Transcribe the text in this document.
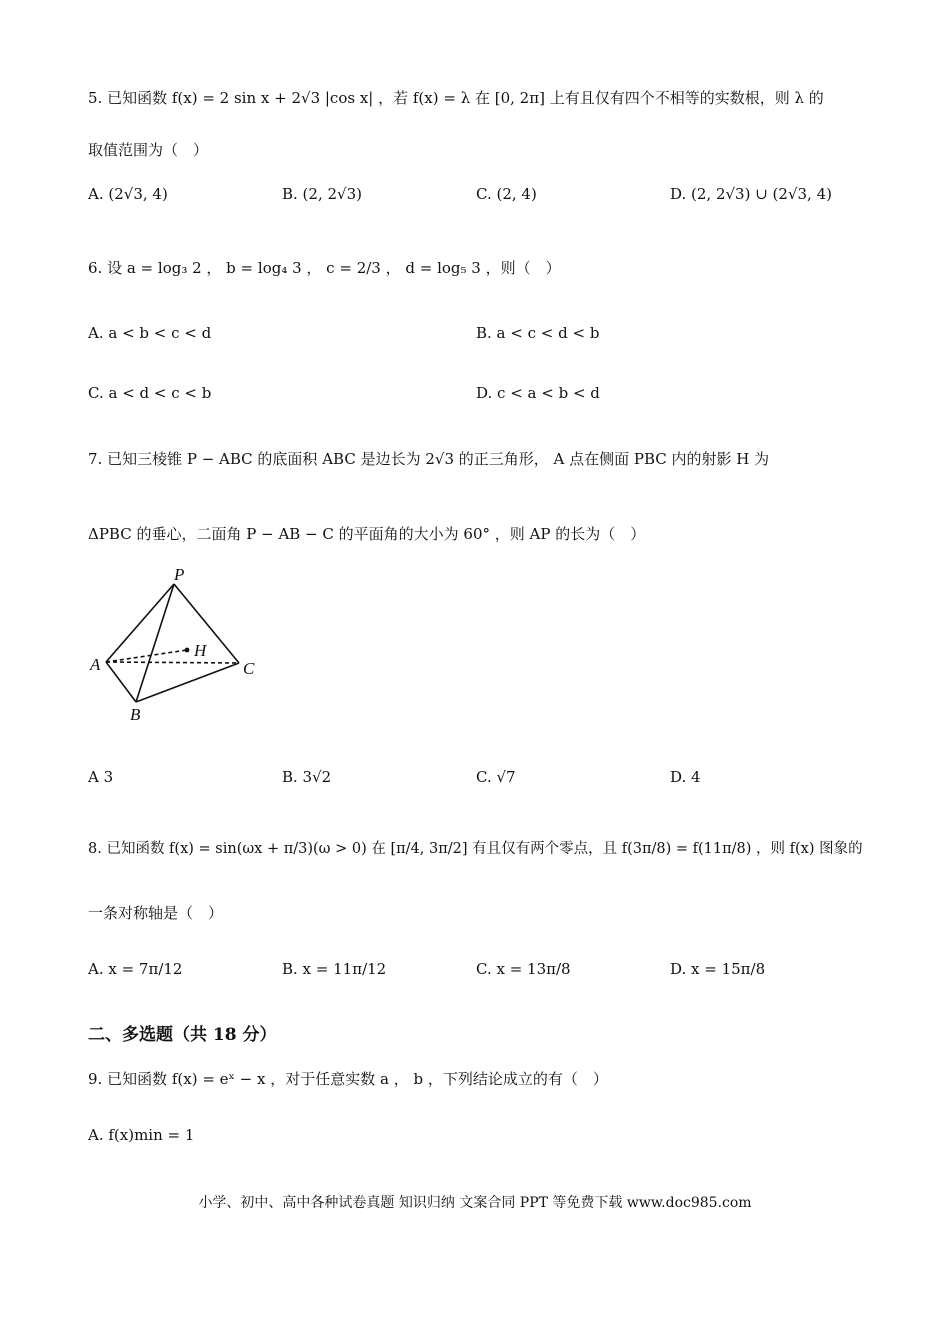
5. 已知函数 f(x) = 2 sin x + 2√3 |cos x| ，若 f(x) = λ 在 [0, 2π] 上有且仅有四个不相等的实数根，则 λ 的
取值范围为（　）
A. (2√3, 4)	B. (2, 2√3)	C. (2, 4)	D. (2, 2√3) ∪ (2√3, 4)
6. 设 a = log₃ 2 ， b = log₄ 3 ， c = 2/3 ， d = log₅ 3 ，则（　）
A. a < b < c < d	B. a < c < d < b
C. a < d < c < b	D. c < a < b < d
7. 已知三棱锥 P − ABC 的底面积 ABC 是边长为 2√3 的正三角形， A 点在侧面 PBC 内的射影 H 为
ΔPBC 的垂心，二面角 P − AB − C 的平面角的大小为 60° ，则 AP 的长为（　）
P
A
B
C
H
A 3	B. 3√2	C. √7	D. 4
8. 已知函数 f(x) = sin(ωx + π/3)(ω > 0) 在 [π/4, 3π/2] 有且仅有两个零点，且 f(3π/8) = f(11π/8) ，则 f(x) 图象的
一条对称轴是（　）
A. x = 7π/12	B. x = 11π/12	C. x = 13π/8	D. x = 15π/8
二、多选题（共 18 分）
9. 已知函数 f(x) = eˣ − x ，对于任意实数 a ， b ，下列结论成立的有（　）
A. f(x)min = 1
小学、初中、高中各种试卷真题 知识归纳 文案合同 PPT 等免费下载 www.doc985.com
